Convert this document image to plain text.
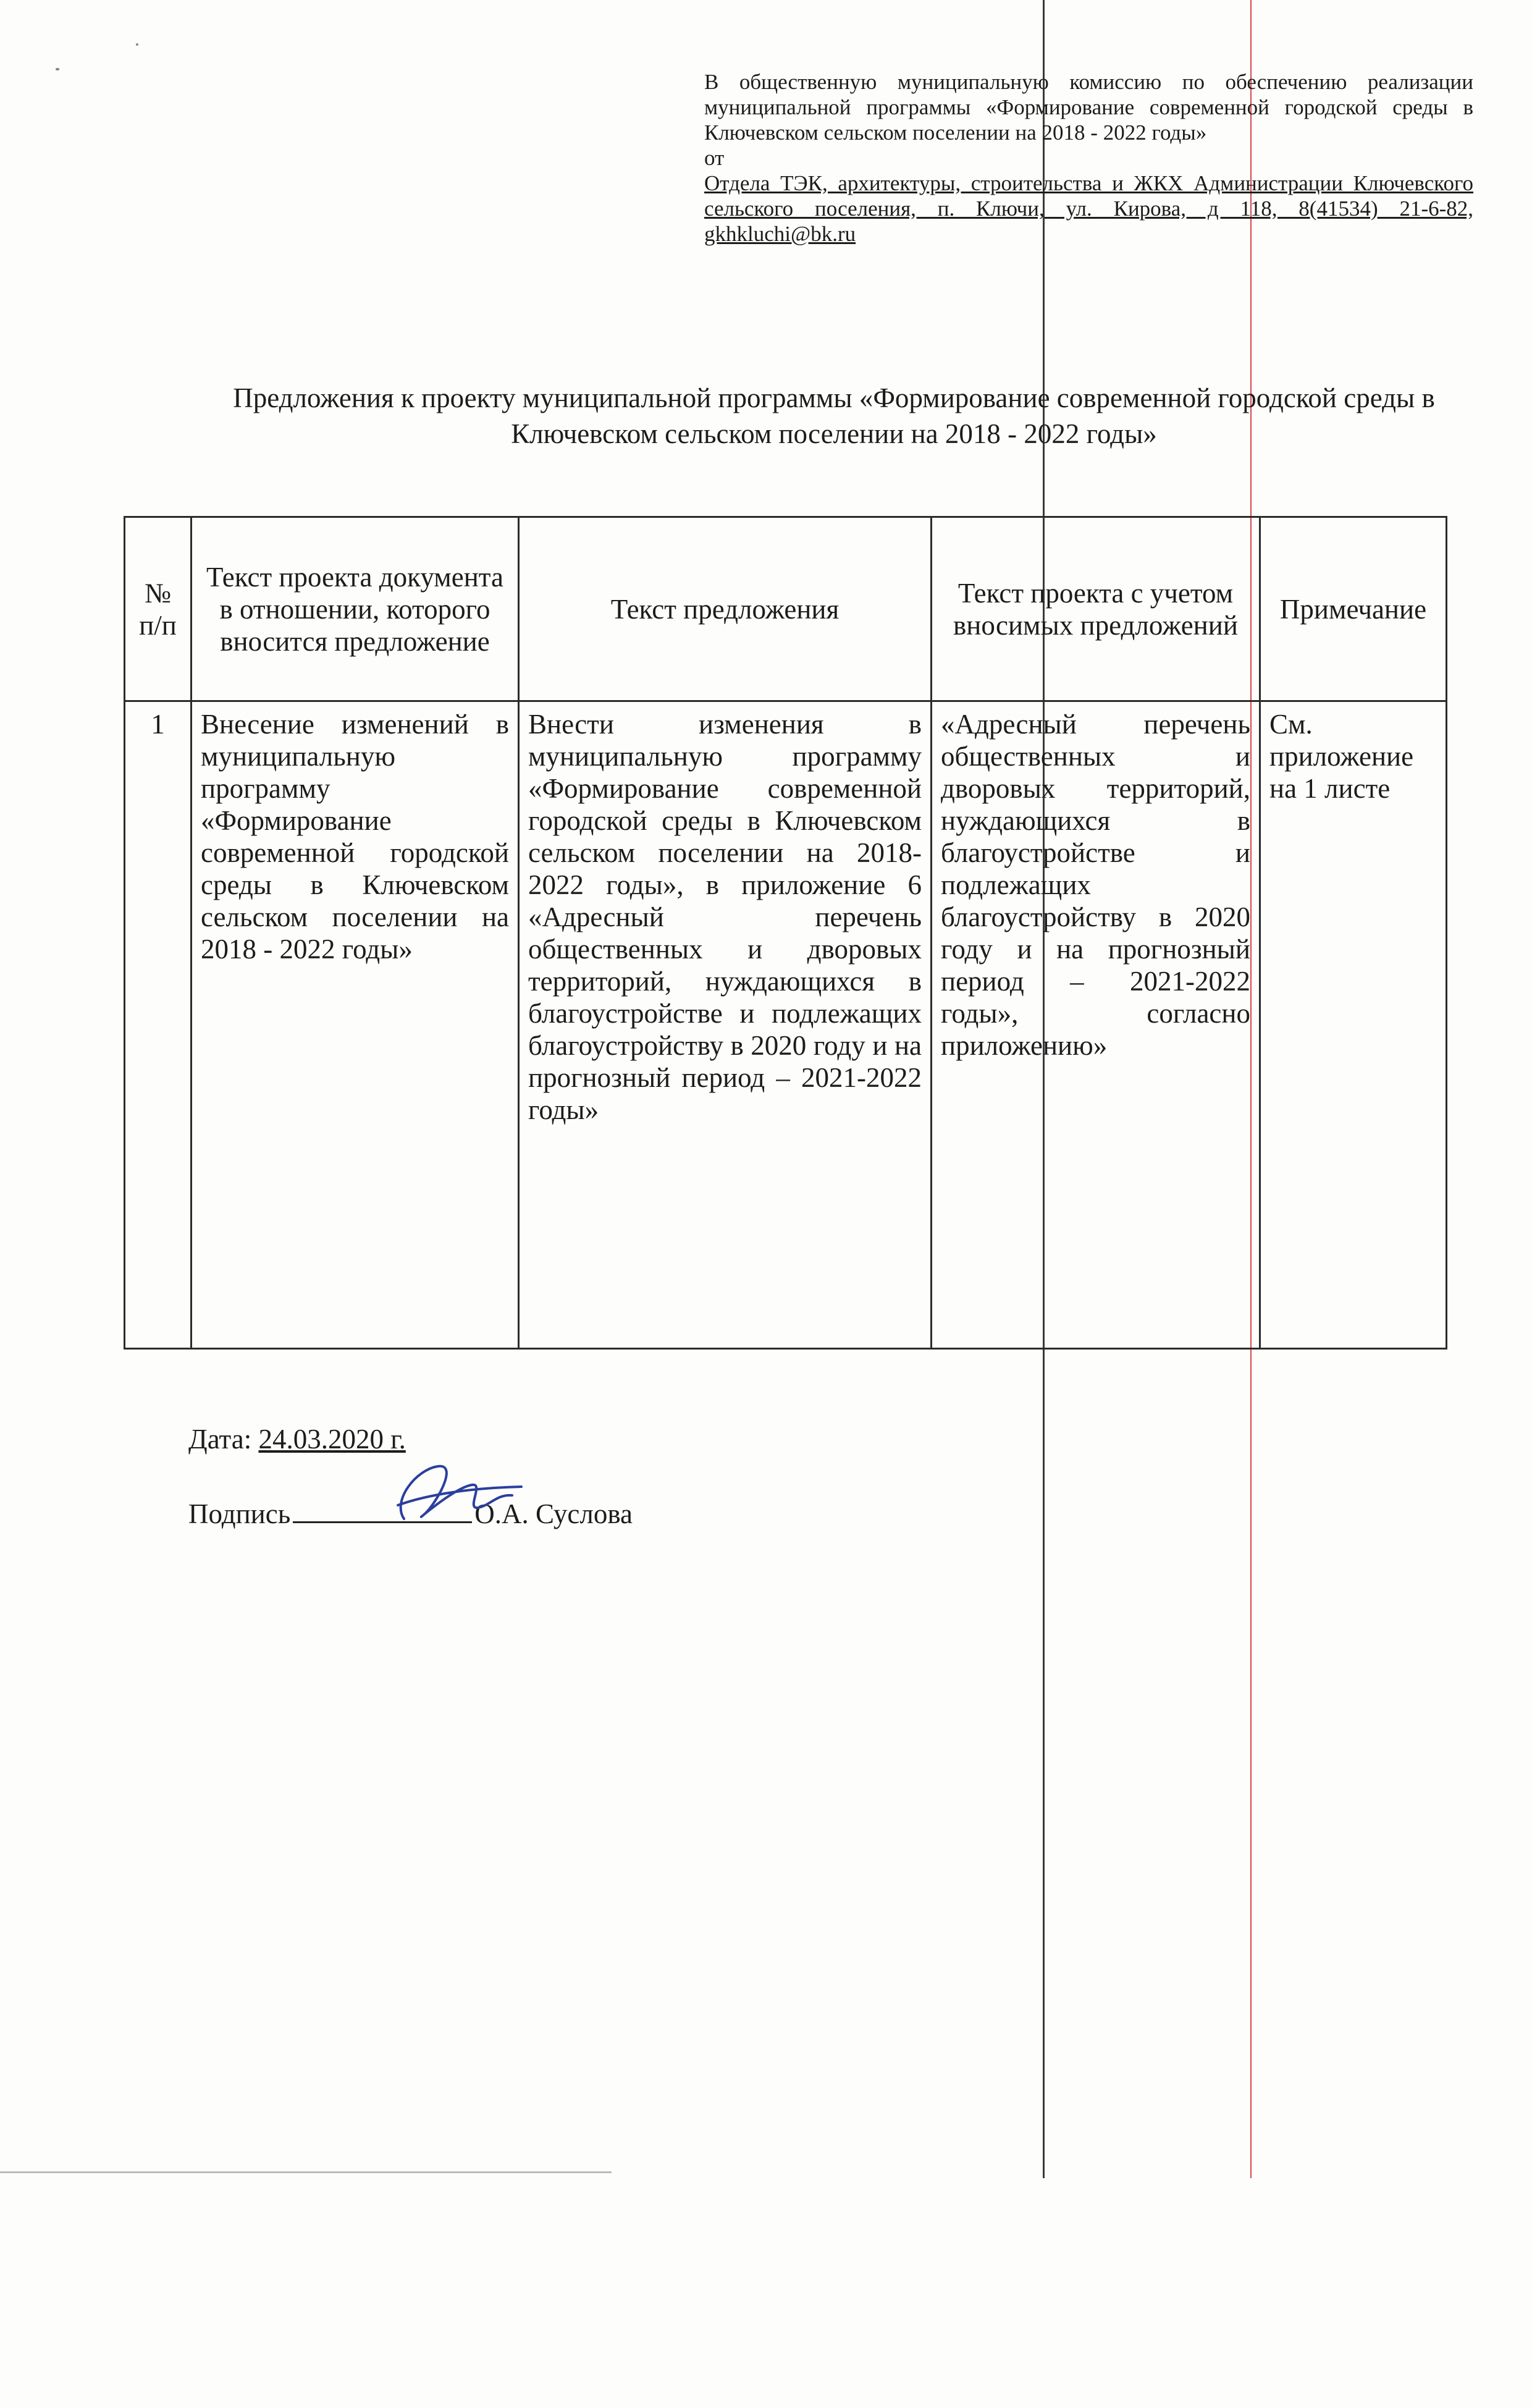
В общественную муниципальную комиссию по обеспечению реализации муниципальной программы «Формирование современной городской среды в Ключевском сельском поселении на 2018 - 2022 годы»

от

Отдела ТЭК, архитектуры, строительства и ЖКХ Администрации Ключевского сельского поселения, п. Ключи, ул. Кирова, д 118, 8(41534) 21-6-82, gkhkluchi@bk.ru

Предложения к проекту муниципальной программы «Формирование современной городской среды в Ключевском сельском поселении на 2018 - 2022 годы»
№ п/п	Текст проекта документа в отношении, которого вносится предложение	Текст предложения	Текст проекта с учетом вносимых предложений	Примечание
1	Внесение изменений в муниципальную программу «Формирование современной городской среды в Ключевском сельском поселении на 2018 - 2022 годы»	Внести изменения в муниципальную программу «Формирование современной городской среды в Ключевском сельском поселении на 2018-2022 годы», в приложение 6 «Адресный перечень общественных и дворовых территорий, нуждающихся в благоустройстве и подлежащих благоустройству в 2020 году и на прогнозный период – 2021-2022 годы»	«Адресный перечень общественных и дворовых территорий, нуждающихся в благоустройстве и подлежащих благоустройству в 2020 году и на прогнозный период – 2021-2022 годы», согласно приложению»	См. приложение на 1 листе
Дата: 24.03.2020 г.
Подпись	О.А. Суслова
